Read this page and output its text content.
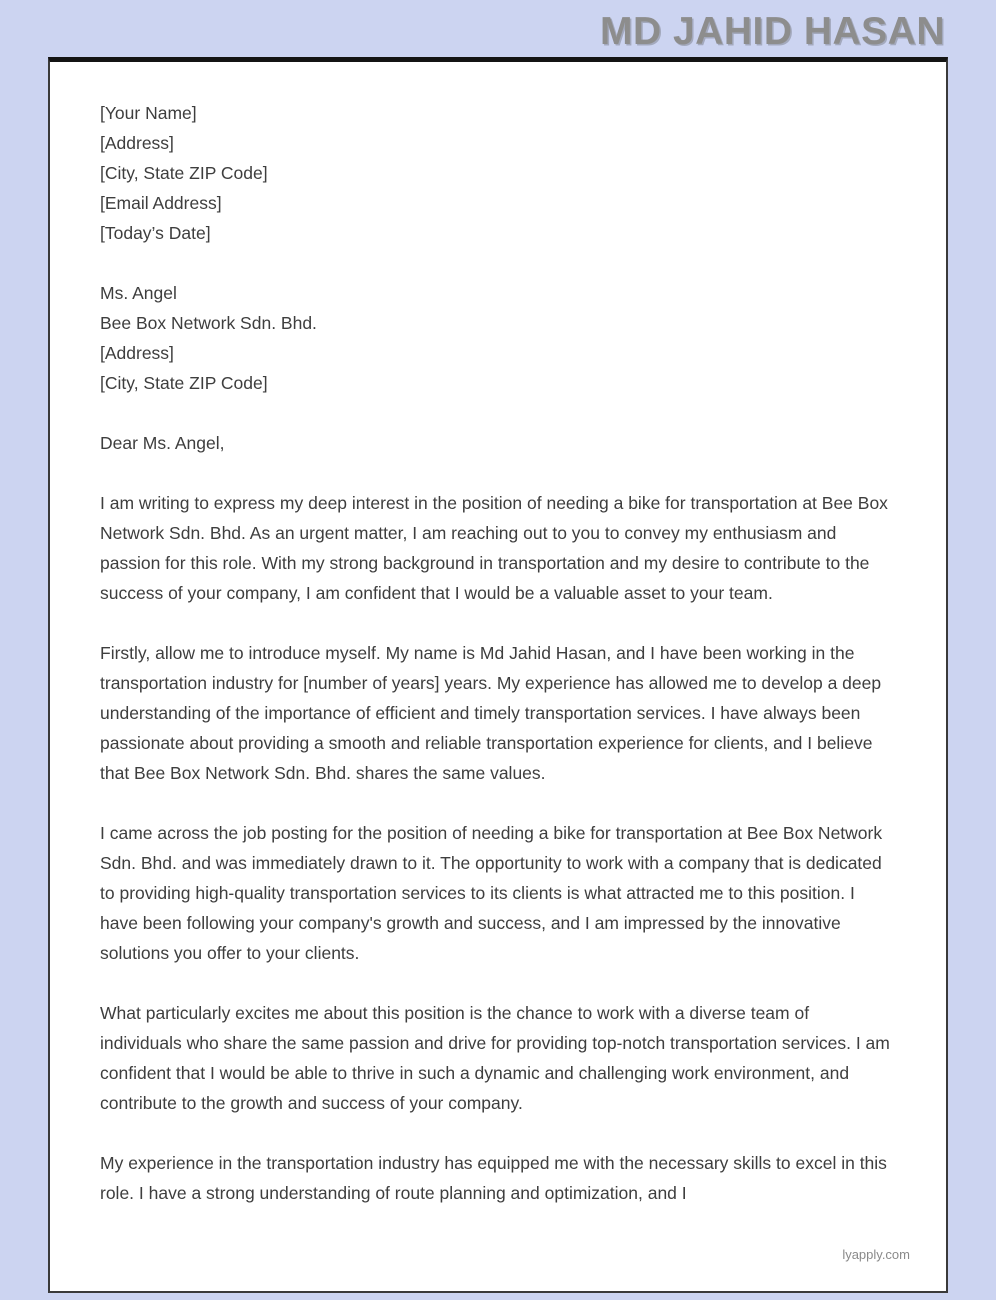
MD JAHID HASAN
[Your Name]
[Address]
[City, State ZIP Code]
[Email Address]
[Today’s Date]
Ms. Angel
Bee Box Network Sdn. Bhd.
[Address]
[City, State ZIP Code]
Dear Ms. Angel,

I am writing to express my deep interest in the position of needing a bike for transportation at Bee Box Network Sdn. Bhd. As an urgent matter, I am reaching out to you to convey my enthusiasm and passion for this role. With my strong background in transportation and my desire to contribute to the success of your company, I am confident that I would be a valuable asset to your team.

Firstly, allow me to introduce myself. My name is Md Jahid Hasan, and I have been working in the transportation industry for [number of years] years. My experience has allowed me to develop a deep understanding of the importance of efficient and timely transportation services. I have always been passionate about providing a smooth and reliable transportation experience for clients, and I believe that Bee Box Network Sdn. Bhd. shares the same values.

I came across the job posting for the position of needing a bike for transportation at Bee Box Network Sdn. Bhd. and was immediately drawn to it. The opportunity to work with a company that is dedicated to providing high-quality transportation services to its clients is what attracted me to this position. I have been following your company's growth and success, and I am impressed by the innovative solutions you offer to your clients.

What particularly excites me about this position is the chance to work with a diverse team of individuals who share the same passion and drive for providing top-notch transportation services. I am confident that I would be able to thrive in such a dynamic and challenging work environment, and contribute to the growth and success of your company.

My experience in the transportation industry has equipped me with the necessary skills to excel in this role. I have a strong understanding of route planning and optimization, and I

lyapply.com
